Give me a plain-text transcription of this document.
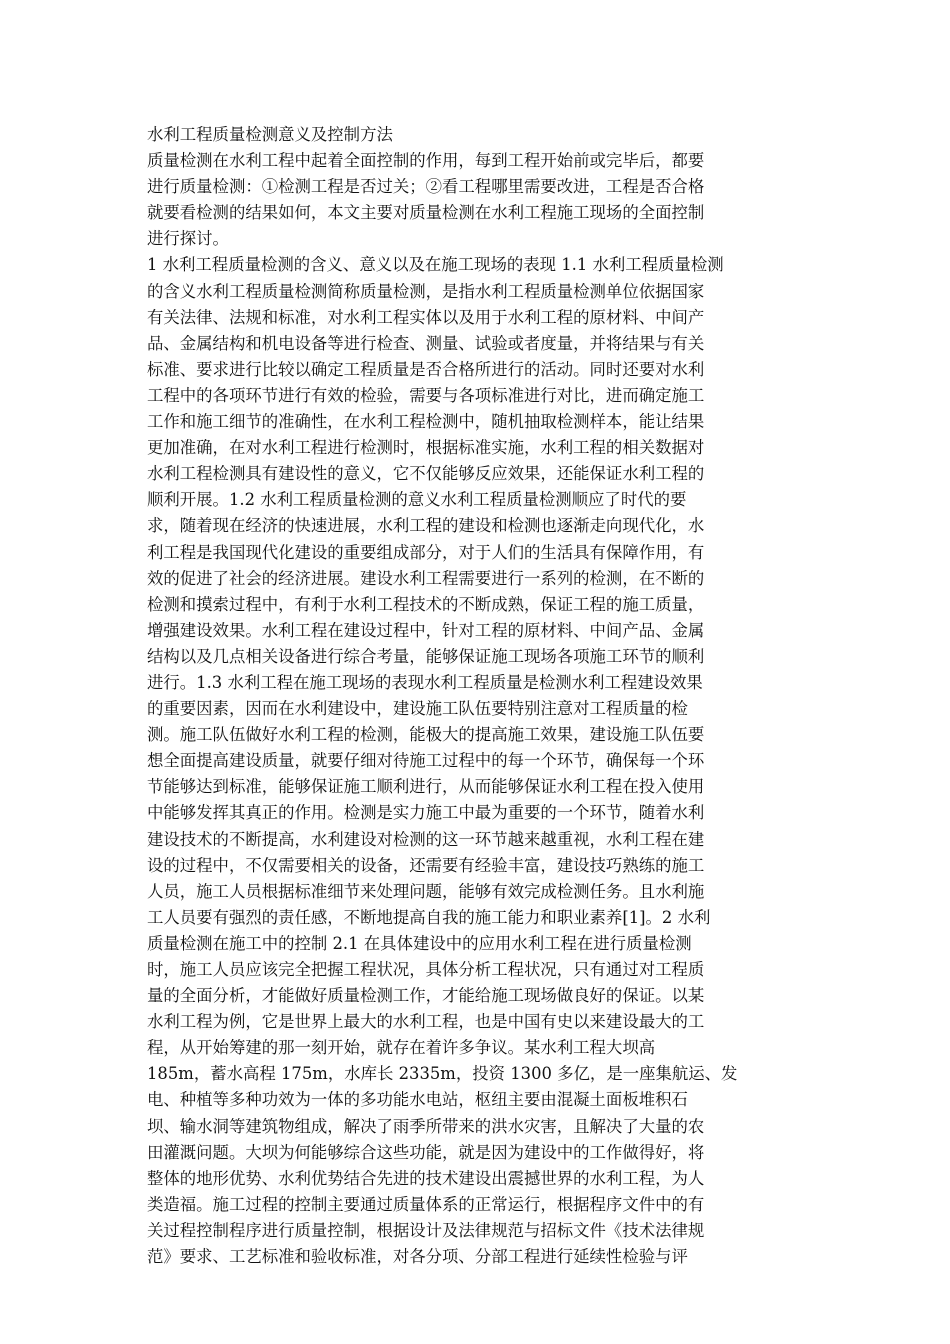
水利工程质量检测意义及控制方法
质量检测在水利工程中起着全面控制的作用，每到工程开始前或完毕后，都要
进行质量检测：①检测工程是否过关；②看工程哪里需要改进，工程是否合格
就要看检测的结果如何，本文主要对质量检测在水利工程施工现场的全面控制
进行探讨。
1 水利工程质量检测的含义、意义以及在施工现场的表现 1.1 水利工程质量检测
的含义水利工程质量检测简称质量检测，是指水利工程质量检测单位依据国家
有关法律、法规和标准，对水利工程实体以及用于水利工程的原材料、中间产
品、金属结构和机电设备等进行检查、测量、试验或者度量，并将结果与有关
标准、要求进行比较以确定工程质量是否合格所进行的活动。同时还要对水利
工程中的各项环节进行有效的检验，需要与各项标准进行对比，进而确定施工
工作和施工细节的准确性，在水利工程检测中，随机抽取检测样本，能让结果
更加准确，在对水利工程进行检测时，根据标准实施，水利工程的相关数据对
水利工程检测具有建设性的意义，它不仅能够反应效果，还能保证水利工程的
顺利开展。1.2 水利工程质量检测的意义水利工程质量检测顺应了时代的要
求，随着现在经济的快速进展，水利工程的建设和检测也逐渐走向现代化，水
利工程是我国现代化建设的重要组成部分，对于人们的生活具有保障作用，有
效的促进了社会的经济进展。建设水利工程需要进行一系列的检测，在不断的
检测和摸索过程中，有利于水利工程技术的不断成熟，保证工程的施工质量，
增强建设效果。水利工程在建设过程中，针对工程的原材料、中间产品、金属
结构以及几点相关设备进行综合考量，能够保证施工现场各项施工环节的顺利
进行。1.3 水利工程在施工现场的表现水利工程质量是检测水利工程建设效果
的重要因素，因而在水利建设中，建设施工队伍要特别注意对工程质量的检
测。施工队伍做好水利工程的检测，能极大的提高施工效果，建设施工队伍要
想全面提高建设质量，就要仔细对待施工过程中的每一个环节，确保每一个环
节能够达到标准，能够保证施工顺利进行，从而能够保证水利工程在投入使用
中能够发挥其真正的作用。检测是实力施工中最为重要的一个环节，随着水利
建设技术的不断提高，水利建设对检测的这一环节越来越重视，水利工程在建
设的过程中，不仅需要相关的设备，还需要有经验丰富，建设技巧熟练的施工
人员，施工人员根据标准细节来处理问题，能够有效完成检测任务。且水利施
工人员要有强烈的责任感，不断地提高自我的施工能力和职业素养[1]。2 水利
质量检测在施工中的控制 2.1 在具体建设中的应用水利工程在进行质量检测
时，施工人员应该完全把握工程状况，具体分析工程状况，只有通过对工程质
量的全面分析，才能做好质量检测工作，才能给施工现场做良好的保证。以某
水利工程为例，它是世界上最大的水利工程，也是中国有史以来建设最大的工
程，从开始筹建的那一刻开始，就存在着许多争议。某水利工程大坝高
185m，蓄水高程 175m，水库长 2335m，投资 1300 多亿，是一座集航运、发
电、种植等多种功效为一体的多功能水电站，枢纽主要由混凝土面板堆积石
坝、输水洞等建筑物组成，解决了雨季所带来的洪水灾害，且解决了大量的农
田灌溉问题。大坝为何能够综合这些功能，就是因为建设中的工作做得好，将
整体的地形优势、水利优势结合先进的技术建设出震撼世界的水利工程，为人
类造福。施工过程的控制主要通过质量体系的正常运行，根据程序文件中的有
关过程控制程序进行质量控制，根据设计及法律规范与招标文件《技术法律规
范》要求、工艺标准和验收标准，对各分项、分部工程进行延续性检验与评
